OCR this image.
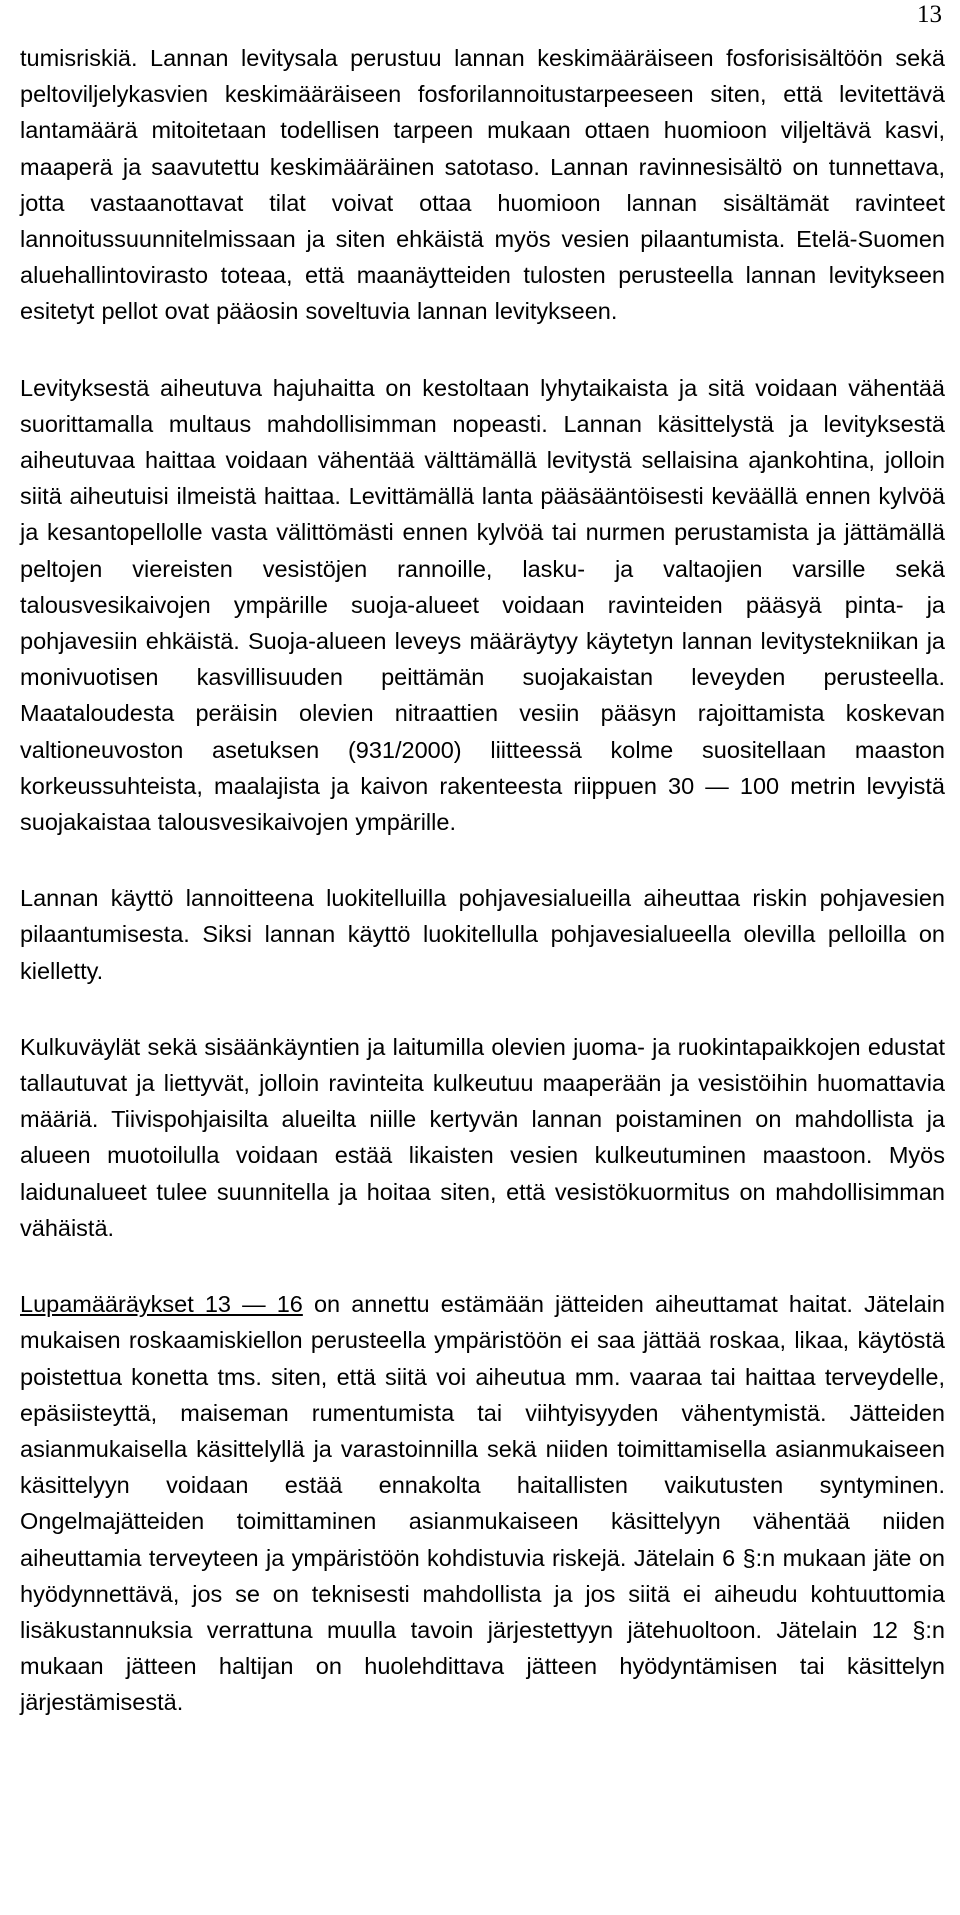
13

tumisriskiä. Lannan levitysala perustuu lannan keskimääräiseen fosforisisältöön sekä peltoviljelykasvien keskimääräiseen fosforilannoitustarpeeseen siten, että levitettävä lantamäärä mitoitetaan todellisen tarpeen mukaan ottaen huomioon viljeltävä kasvi, maaperä ja saavutettu keskimääräinen satotaso. Lannan ravinnesisältö on tunnettava, jotta vastaanottavat tilat voivat ottaa huomioon lannan sisältämät ravinteet lannoitussuunnitelmissaan ja siten ehkäistä myös vesien pilaantumista. Etelä-Suomen aluehallintovirasto toteaa, että maanäytteiden tulosten perusteella lannan levitykseen esitetyt pellot ovat pääosin soveltuvia lannan levitykseen.

Levityksestä aiheutuva hajuhaitta on kestoltaan lyhytaikaista ja sitä voidaan vähentää suorittamalla multaus mahdollisimman nopeasti. Lannan käsittelystä ja levityksestä aiheutuvaa haittaa voidaan vähentää välttämällä levitystä sellaisina ajankohtina, jolloin siitä aiheutuisi ilmeistä haittaa. Levittämällä lanta pääsääntöisesti keväällä ennen kylvöä ja kesantopellolle vasta välittömästi ennen kylvöä tai nurmen perustamista ja jättämällä peltojen viereisten vesistöjen rannoille, lasku- ja valtaojien varsille sekä talousvesikaivojen ympärille suoja-alueet voidaan ravinteiden pääsyä pinta- ja pohjavesiin ehkäistä. Suoja-alueen leveys määräytyy käytetyn lannan levitystekniikan ja monivuotisen kasvillisuuden peittämän suojakaistan leveyden perusteella. Maataloudesta peräisin olevien nitraattien vesiin pääsyn rajoittamista koskevan valtioneuvoston asetuksen (931/2000) liitteessä kolme suositellaan maaston korkeussuhteista, maalajista ja kaivon rakenteesta riippuen 30 — 100 metrin levyistä suojakaistaa talousvesikaivojen ympärille.

Lannan käyttö lannoitteena luokitelluilla pohjavesialueilla aiheuttaa riskin pohjavesien pilaantumisesta. Siksi lannan käyttö luokitellulla pohjavesialueella olevilla pelloilla on kielletty.

Kulkuväylät sekä sisäänkäyntien ja laitumilla olevien juoma- ja ruokintapaikkojen edustat tallautuvat ja liettyvät, jolloin ravinteita kulkeutuu maaperään ja vesistöihin huomattavia määriä. Tiivispohjaisilta alueilta niille kertyvän lannan poistaminen on mahdollista ja alueen muotoilulla voidaan estää likaisten vesien kulkeutuminen maastoon. Myös laidunalueet tulee suunnitella ja hoitaa siten, että vesistökuormitus on mahdollisimman vähäistä.

Lupamääräykset 13 — 16 on annettu estämään jätteiden aiheuttamat haitat. Jätelain mukaisen roskaamiskiellon perusteella ympäristöön ei saa jättää roskaa, likaa, käytöstä poistettua konetta tms. siten, että siitä voi aiheutua mm. vaaraa tai haittaa terveydelle, epäsiisteyttä, maiseman rumentumista tai viihtyisyyden vähentymistä. Jätteiden asianmukaisella käsittelyllä ja varastoinnilla sekä niiden toimittamisella asianmukaiseen käsittelyyn voidaan estää ennakolta haitallisten vaikutusten syntyminen. Ongelmajätteiden toimittaminen asianmukaiseen käsittelyyn vähentää niiden aiheuttamia terveyteen ja ympäristöön kohdistuvia riskejä. Jätelain 6 §:n mukaan jäte on hyödynnettävä, jos se on teknisesti mahdollista ja jos siitä ei aiheudu kohtuuttomia lisäkustannuksia verrattuna muulla tavoin järjestettyyn jätehuoltoon. Jätelain 12 §:n mukaan jätteen haltijan on huolehdittava jätteen hyödyntämisen tai käsittelyn järjestämisestä.
